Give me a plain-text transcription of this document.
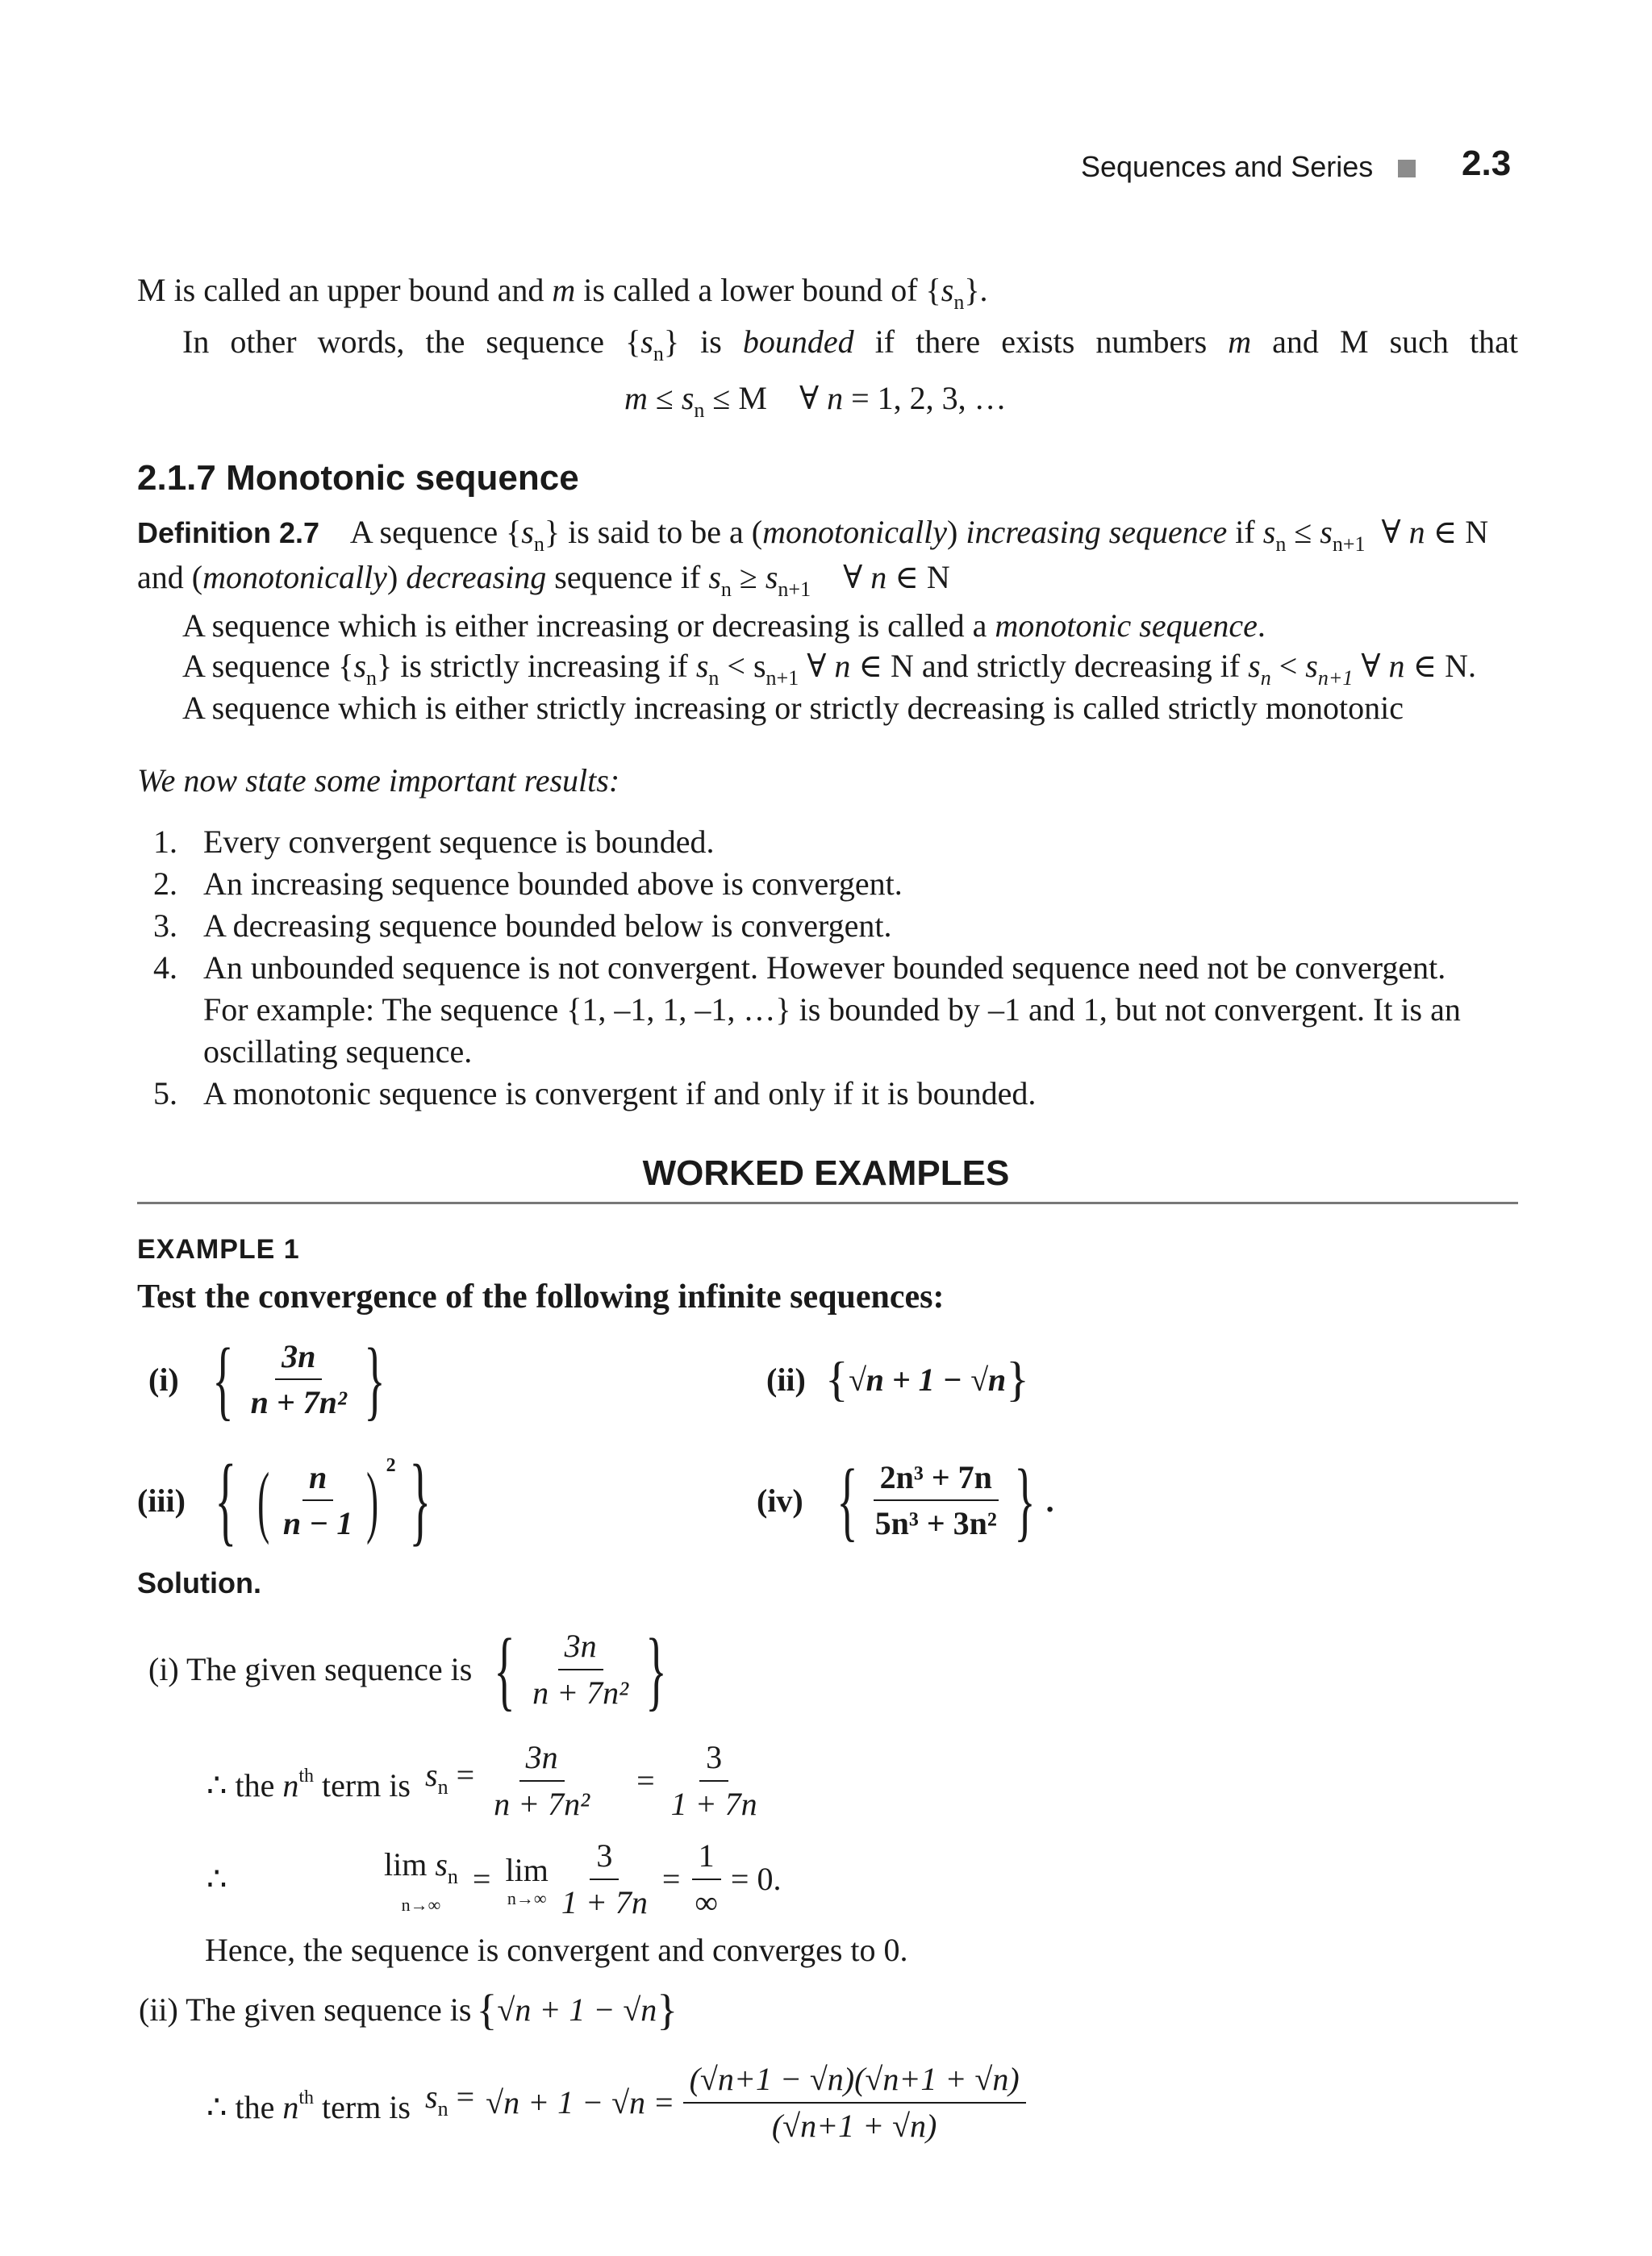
Sequences and Series 2.3
M is called an upper bound and m is called a lower bound of $\{s_n\}$.
In other words, the sequence $\{s_n\}$ is bounded if there exists numbers m and M such that
$m \le s_n \le M$    ∀ n = 1, 2, 3, …
2.1.7 Monotonic sequence
Definition 2.7    A sequence $\{s_n\}$ is said to be a (monotonically) increasing sequence if $s_n \le s_{n+1}$  ∀ n ∈ N
and (monotonically) decreasing sequence if $s_n \ge s_{n+1}$    ∀ n ∈ N
A sequence which is either increasing or decreasing is called a monotonic sequence.
A sequence $\{s_n\}$ is strictly increasing if $s_n < s_{n+1}$ ∀ n ∈ N and strictly decreasing if $s_n < s_{n+1}$ ∀ n ∈ N.
A sequence which is either strictly increasing or strictly decreasing is called strictly monotonic
We now state some important results:
1. Every convergent sequence is bounded.
2. An increasing sequence bounded above is convergent.
3. A decreasing sequence bounded below is convergent.
4. An unbounded sequence is not convergent. However bounded sequence need not be convergent.
For example: The sequence {1, –1, 1, –1, …} is bounded by –1 and 1, but not convergent. It is an
oscillating sequence.
5. A monotonic sequence is convergent if and only if it is bounded.
WORKED EXAMPLES
EXAMPLE 1
Test the convergence of the following infinite sequences:
(i) { $\frac{3n}{\text{n + 7n²}}$ }	(ii) { √n + 1 − √n }
(iii) { ( $\frac{n}{n - 1}$ ) 2 }	(iv) { $\frac{\text{2n³ + 7n}}{\text{5n³ + 3n²}}$ } .
Solution.
(i) The given sequence is { $\frac{3n}{\text{n + 7n²}}$ }
∴ the $n^{th}$ term is $s_n = \frac{3n}{\text{n + 7n²}} = \frac{3}{1 + 7n}$
∴	$\lim s_n$
n→∞
= lim
$n\to\infty \frac{3}{1 + 7n} = \frac{1}{\infty} = 0$.
Hence, the sequence is convergent and converges to 0.
(ii) The given sequence is { √n + 1 − √n }
∴ the $n^{th}$ term is $s_n = √n + 1 - √n = \frac{(√n+1 - √n)(√n+1 + √n)}{(√n+1 + √n)}$
